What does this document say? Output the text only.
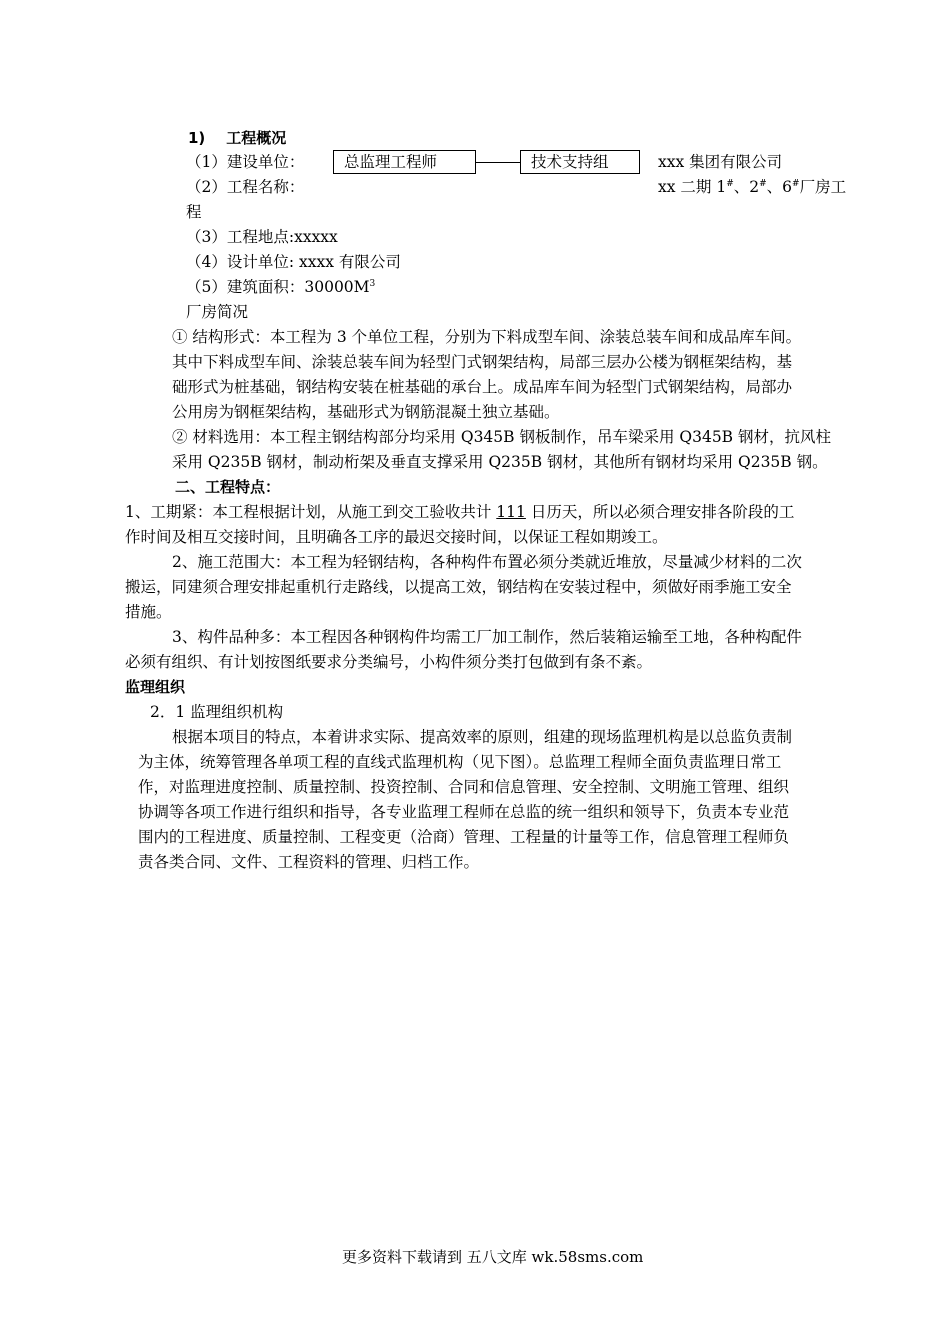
1) 工程概况
（1）建设单位：	总监理工程师	技术支持组	xxx 集团有限公司
（2）工程名称：	xx 二期 1#、2#、6#厂房工
程
（3）工程地点:xxxxx
（4）设计单位: xxxx 有限公司
（5）建筑面积：$30000M^3$
厂房简况
① 结构形式：本工程为 3 个单位工程，分别为下料成型车间、涂装总装车间和成品库车间。
其中下料成型车间、涂装总装车间为轻型门式钢架结构，局部三层办公楼为钢框架结构，基
础形式为桩基础，钢结构安装在桩基础的承台上。成品库车间为轻型门式钢架结构，局部办
公用房为钢框架结构，基础形式为钢筋混凝土独立基础。
② 材料选用：本工程主钢结构部分均采用 Q345B 钢板制作，吊车梁采用 Q345B 钢材，抗风柱
采用 Q235B 钢材，制动桁架及垂直支撑采用 Q235B 钢材，其他所有钢材均采用 Q235B 钢。
二、工程特点：
1、工期紧：本工程根据计划，从施工到交工验收共计 111 日历天，所以必须合理安排各阶段的工
作时间及相互交接时间，且明确各工序的最迟交接时间，以保证工程如期竣工。
2、施工范围大：本工程为轻钢结构，各种构件布置必须分类就近堆放，尽量减少材料的二次
搬运，同建须合理安排起重机行走路线，以提高工效，钢结构在安装过程中，须做好雨季施工安全
措施。
3、构件品种多：本工程因各种钢构件均需工厂加工制作，然后装箱运输至工地，各种构配件
必须有组织、有计划按图纸要求分类编号，小构件须分类打包做到有条不紊。
监理组织
2．1 监理组织机构
根据本项目的特点，本着讲求实际、提高效率的原则，组建的现场监理机构是以总监负责制
为主体，统筹管理各单项工程的直线式监理机构（见下图）。总监理工程师全面负责监理日常工
作，对监理进度控制、质量控制、投资控制、合同和信息管理、安全控制、文明施工管理、组织
协调等各项工作进行组织和指导，各专业监理工程师在总监的统一组织和领导下，负责本专业范
围内的工程进度、质量控制、工程变更（洽商）管理、工程量的计量等工作，信息管理工程师负
责各类合同、文件、工程资料的管理、归档工作。
更多资料下载请到 五八文库 wk.58sms.com
